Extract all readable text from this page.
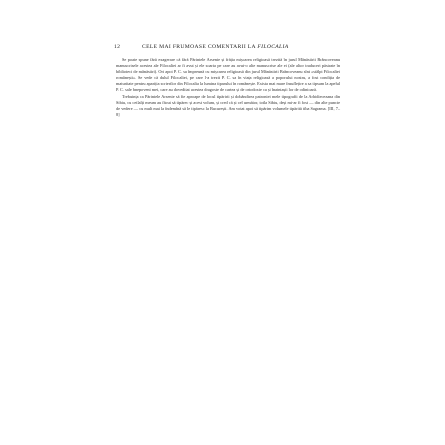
12	CELE MAI FRUMOASE COMENTARII LA FILOCALIA

Se poate spune fără exagerare că fără Părintele Arsenie și frăția mișcarea religioasă trezită în jurul Mânăstirii Brâncoveanu manuscrisele acestea ale Filocaliei ar fi avut și ele soarta pe care au avut-o alte manuscrise ale ei (ale altor traduceri păstrate în biblioteci de mânăstiri). Ori apoi P. C. sa împreună cu mișcarea religioasă din jurul Mânăstirii Brâncoveanu sînt «stâlpi Filocaliei românești». Se vede că dulul Filocaliei, pe care l-a trezit P. C. sa în viața religioasă a poporului nostru, a fost condiția de maturitate pentru apariția scrierilor din Filocalia la lumina tiparului în românește. Exista mai mare însuflețire a sa tipsum la apelul P. C. sale bnepoveni mei, care au doveditat acestea dragoste de cartea și de ortodoxie ca și înaintașii lor de odinioară.

Trebuința ca Părintele Arsenie să fie aproape de locul tipăririi și dobândirea patroniei mele tipografii de la Arhidiecezana din Sibiu, cu ceilalți meum au făcut să tipărec și acest volum, și cred că și cel următor, totla Sibiu, deși mi-ar fi fost — din alte puncte de vedere — cu mult mai la îndemînă să le tipăresc la București. Am votat apoi să tipărim volumele tipărită tiba Sagrama. [III, 7–8]
